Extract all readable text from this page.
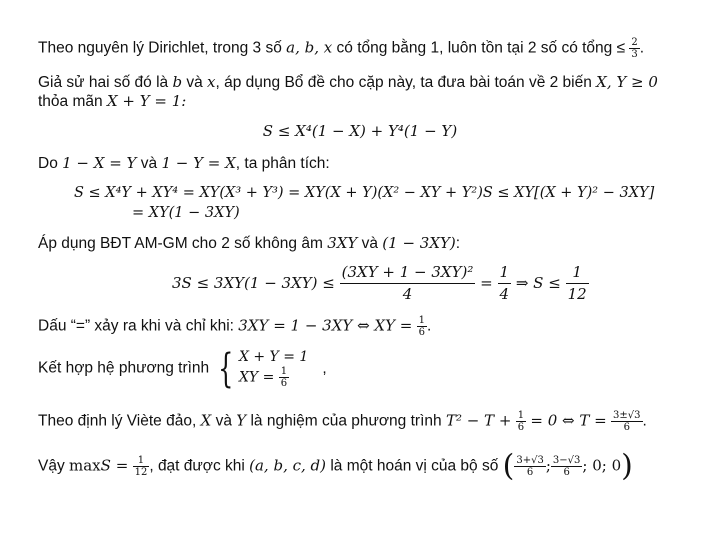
Theo nguyên lý Dirichlet, trong 3 số a, b, x có tổng bằng 1, luôn tồn tại 2 số có tổng ≤ $\frac{2}{3}$ .
Giả sử hai số đó là b và x, áp dụng Bổ đề cho cặp này, ta đưa bài toán về 2 biến X, Y ≥ 0
thỏa mãn X + Y = 1:
S ≤ X⁴(1 − X) + Y⁴(1 − Y)
Do 1 − X = Y và 1 − Y = X, ta phân tích:
S ≤ X⁴Y + XY⁴ = XY(X³ + Y³) = XY(X + Y)(X² − XY + Y²)S ≤ XY[(X + Y)² − 3XY]
= XY(1 − 3XY)
Áp dụng BĐT AM-GM cho 2 số không âm 3XY và (1 − 3XY):
$3S \le 3XY(1 - 3XY) \le \frac{\text{(3XY + 1 − 3XY)²}}{4} = \frac{1}{4}$ ⇒ $S \le \frac{1}{12}$
Dấu “=” xảy ra khi và chỉ khi: 3XY = 1 − 3XY ⇔ XY = $\frac{1}{6}$ .
Kết hợp hệ phương trình { X + Y = 1
XY = $\frac{1}{6}$ ,
Theo định lý Viète đảo, X và Y là nghiệm của phương trình $T^2 - T + \frac{1}{6} = 0$ ⇔ $T = \frac{3\pm√3}{6}$ .
Vậy $\max S = \frac{1}{12}$ , đạt được khi (a, b, c, d) là một hoán vị của bộ số ( $\frac{3+√3}{6}$ ; $\frac{3-√3}{6}$ ; 0; 0)
